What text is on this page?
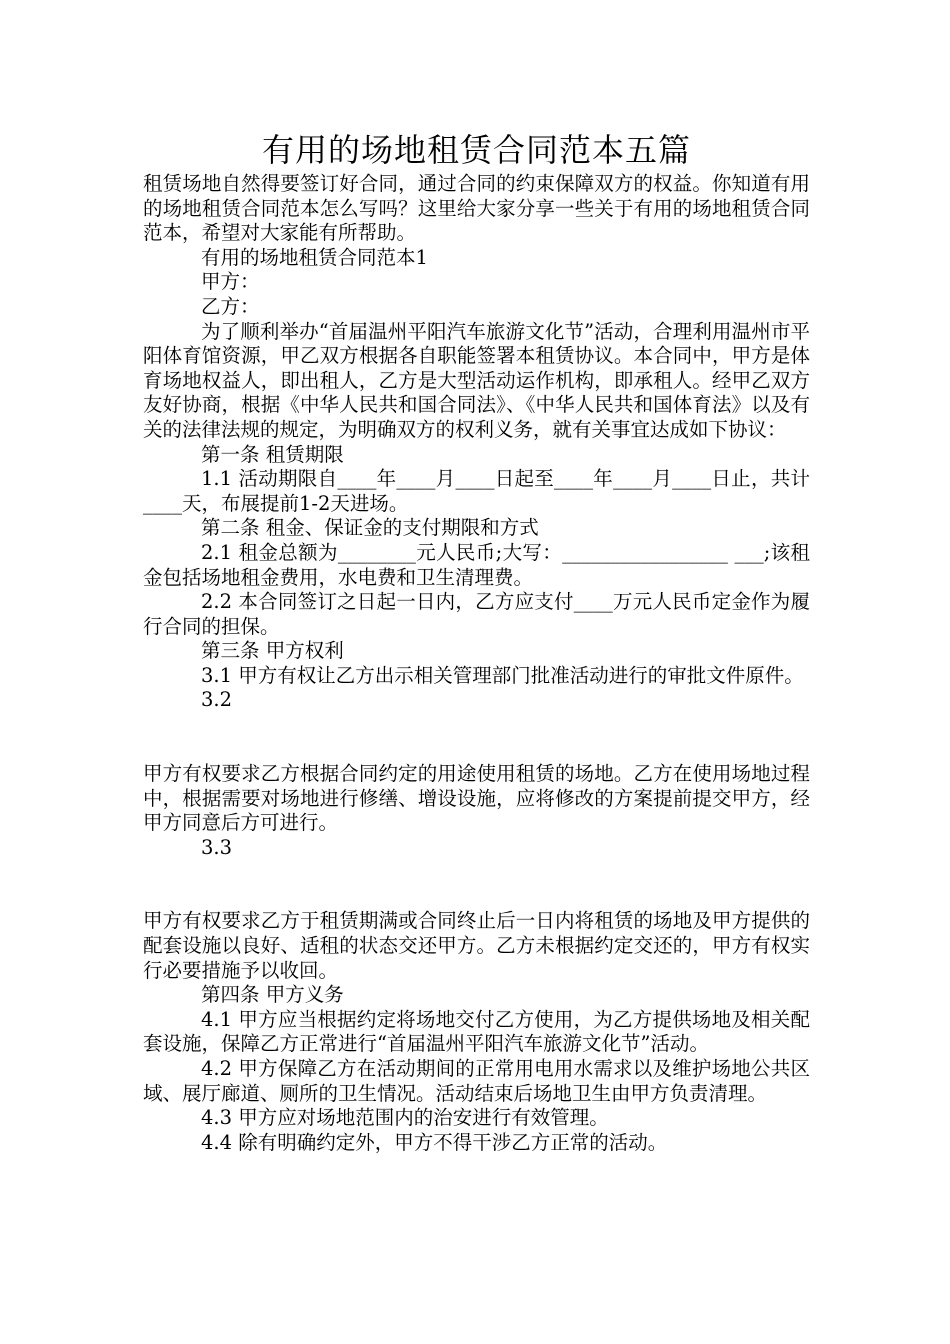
有用的场地租赁合同范本五篇

租赁场地自然得要签订好合同，通过合同的约束保障双方的权益。你知道有用的场地租赁合同范本怎么写吗？这里给大家分享一些关于有用的场地租赁合同范本，希望对大家能有所帮助。

有用的场地租赁合同范本1

甲方：

乙方：

为了顺利举办“首届温州平阳汽车旅游文化节”活动，合理利用温州市平阳体育馆资源，甲乙双方根据各自职能签署本租赁协议。本合同中，甲方是体育场地权益人，即出租人，乙方是大型活动运作机构，即承租人。经甲乙双方友好协商，根据《中华人民共和国合同法》、《中华人民共和国体育法》以及有关的法律法规的规定，为明确双方的权利义务，就有关事宜达成如下协议：

第一条 租赁期限

1.1 活动期限自____年____月____日起至____年____月____日止，共计____天，布展提前1-2天进场。

第二条 租金、保证金的支付期限和方式

2.1 租金总额为________元人民币;大写：_________________ ___;该租金包括场地租金费用，水电费和卫生清理费。

2.2 本合同签订之日起一日内，乙方应支付____万元人民币定金作为履行合同的担保。

第三条 甲方权利

3.1 甲方有权让乙方出示相关管理部门批准活动进行的审批文件原件。

3.2

甲方有权要求乙方根据合同约定的用途使用租赁的场地。乙方在使用场地过程中，根据需要对场地进行修缮、增设设施，应将修改的方案提前提交甲方，经甲方同意后方可进行。

3.3

甲方有权要求乙方于租赁期满或合同终止后一日内将租赁的场地及甲方提供的配套设施以良好、适租的状态交还甲方。乙方未根据约定交还的，甲方有权实行必要措施予以收回。

第四条 甲方义务

4.1 甲方应当根据约定将场地交付乙方使用，为乙方提供场地及相关配套设施，保障乙方正常进行“首届温州平阳汽车旅游文化节”活动。

4.2 甲方保障乙方在活动期间的正常用电用水需求以及维护场地公共区域、展厅廊道、厕所的卫生情况。活动结束后场地卫生由甲方负责清理。

4.3 甲方应对场地范围内的治安进行有效管理。

4.4 除有明确约定外，甲方不得干涉乙方正常的活动。
